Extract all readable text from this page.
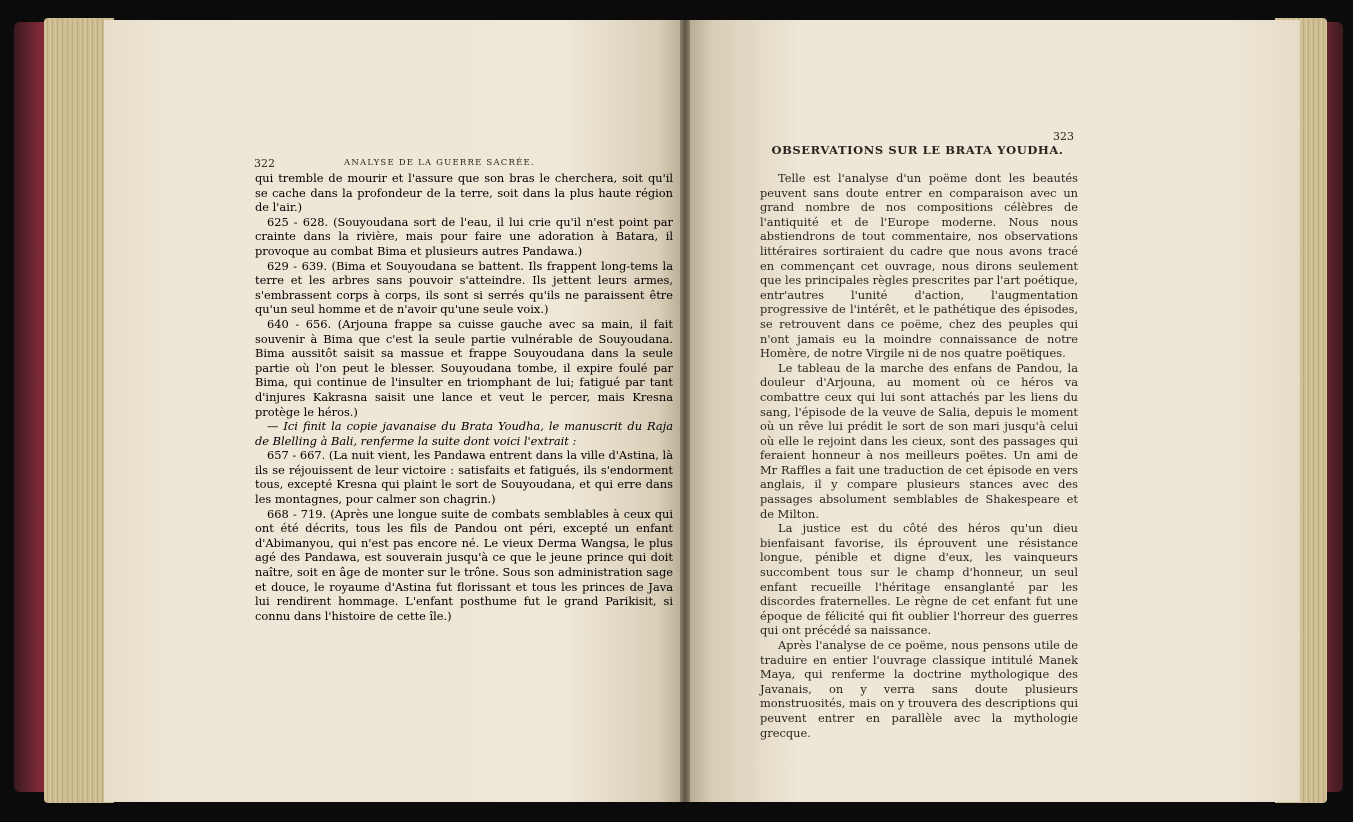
322	ANALYSE DE LA GUERRE SACRÉE.

qui tremble de mourir et l'assure que son bras le cherchera, soit qu'il se cache dans la profondeur de la terre, soit dans la plus haute région de l'air.)

625 - 628. (Souyoudana sort de l'eau, il lui crie qu'il n'est point par crainte dans la rivière, mais pour faire une adoration à Batara, il provoque au combat Bima et plusieurs autres Pandawa.)

629 - 639. (Bima et Souyoudana se battent. Ils frappent long-tems la terre et les arbres sans pouvoir s'atteindre. Ils jettent leurs armes, s'embrassent corps à corps, ils sont si serrés qu'ils ne paraissent être qu'un seul homme et de n'avoir qu'une seule voix.)

640 - 656. (Arjouna frappe sa cuisse gauche avec sa main, il fait souvenir à Bima que c'est la seule partie vulnérable de Souyoudana. Bima aussitôt saisit sa massue et frappe Souyoudana dans la seule partie où l'on peut le blesser. Souyoudana tombe, il expire foulé par Bima, qui continue de l'insulter en triomphant de lui; fatigué par tant d'injures Kakrasna saisit une lance et veut le percer, mais Kresna protège le héros.)

— Ici finit la copie javanaise du Brata Youdha, le manuscrit du Raja de Blelling à Bali, renferme la suite dont voici l'extrait :

657 - 667. (La nuit vient, les Pandawa entrent dans la ville d'Astina, là ils se réjouissent de leur victoire : satisfaits et fatigués, ils s'endorment tous, excepté Kresna qui plaint le sort de Souyoudana, et qui erre dans les montagnes, pour calmer son chagrin.)

668 - 719. (Après une longue suite de combats semblables à ceux qui ont été décrits, tous les fils de Pandou ont péri, excepté un enfant d'Abimanyou, qui n'est pas encore né. Le vieux Derma Wangsa, le plus agé des Pandawa, est souverain jusqu'à ce que le jeune prince qui doit naître, soit en âge de monter sur le trône. Sous son administration sage et douce, le royaume d'Astina fut florissant et tous les princes de Java lui rendirent hommage. L'enfant posthume fut le grand Parikisit, si connu dans l'histoire de cette île.)

323
OBSERVATIONS SUR LE BRATA YOUDHA.

Telle est l'analyse d'un poëme dont les beautés peuvent sans doute entrer en comparaison avec un grand nombre de nos compositions célèbres de l'antiquité et de l'Europe moderne. Nous nous abstiendrons de tout commentaire, nos observations littéraires sortiraient du cadre que nous avons tracé en commençant cet ouvrage, nous dirons seulement que les principales règles prescrites par l'art poétique, entr'autres l'unité d'action, l'augmentation progressive de l'intérêt, et le pathétique des épisodes, se retrouvent dans ce poëme, chez des peuples qui n'ont jamais eu la moindre connaissance de notre Homère, de notre Virgile ni de nos quatre poëtiques.

Le tableau de la marche des enfans de Pandou, la douleur d'Arjouna, au moment où ce héros va combattre ceux qui lui sont attachés par les liens du sang, l'épisode de la veuve de Salia, depuis le moment où un rêve lui prédit le sort de son mari jusqu'à celui où elle le rejoint dans les cieux, sont des passages qui feraient honneur à nos meilleurs poëtes. Un ami de Mr Raffles a fait une traduction de cet épisode en vers anglais, il y compare plusieurs stances avec des passages absolument semblables de Shakespeare et de Milton.

La justice est du côté des héros qu'un dieu bienfaisant favorise, ils éprouvent une résistance longue, pénible et digne d'eux, les vainqueurs succombent tous sur le champ d'honneur, un seul enfant recueille l'héritage ensanglanté par les discordes fraternelles. Le règne de cet enfant fut une époque de félicité qui fit oublier l'horreur des guerres qui ont précédé sa naissance.

Après l'analyse de ce poëme, nous pensons utile de traduire en entier l'ouvrage classique intitulé Manek Maya, qui renferme la doctrine mythologique des Javanais, on y verra sans doute plusieurs monstruosités, mais on y trouvera des descriptions qui peuvent entrer en parallèle avec la mythologie grecque.
